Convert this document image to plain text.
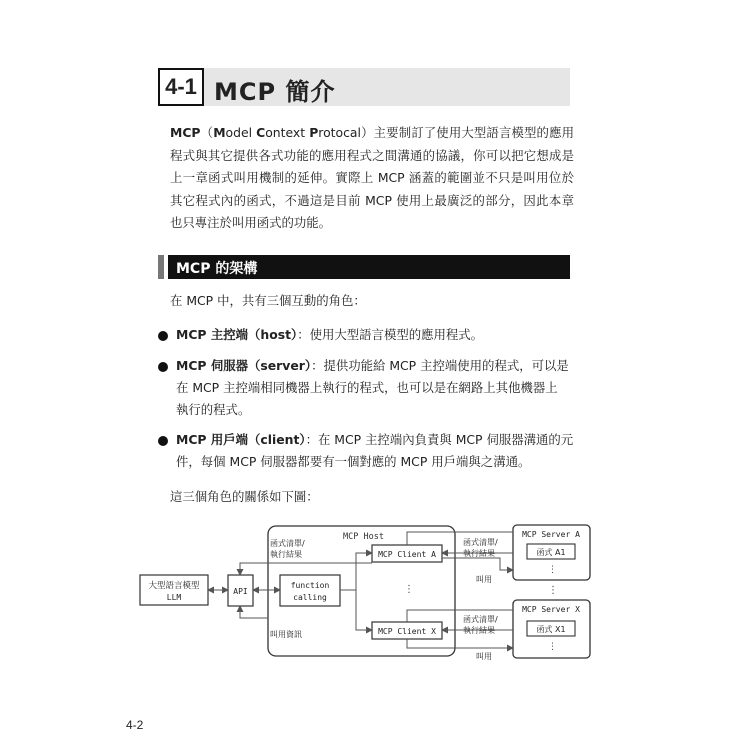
4-1 MCP 簡介

MCP（Model Context Protocal）主要制訂了使用大型語言模型的應用程式與其它提供各式功能的應用程式之間溝通的協議，你可以把它想成是上一章函式叫用機制的延伸。實際上 MCP 涵蓋的範圍並不只是叫用位於其它程式內的函式，不過這是目前 MCP 使用上最廣泛的部分，因此本章也只專注於叫用函式的功能。

MCP 的架構
在 MCP 中，共有三個互動的角色：
MCP 主控端（host）：使用大型語言模型的應用程式。
MCP 伺服器（server）：提供功能給 MCP 主控端使用的程式，可以是
在 MCP 主控端相同機器上執行的程式，也可以是在網路上其他機器上
執行的程式。
MCP 用戶端（client）：在 MCP 主控端內負責與 MCP 伺服器溝通的元
件，每個 MCP 伺服器都要有一個對應的 MCP 用戶端與之溝通。
這三個角色的關係如下圖：
MCP Host
大型語言模型
LLM
API
function
calling
MCP Client A
MCP Client X
MCP Server A
函式 A1
⋮
MCP Server X
函式 X1
⋮
⋮	⋮
函式清單/
執行結果
叫用資訊
函式清單/
執行結果
叫用
函式清單/
執行結果
叫用
4-2
